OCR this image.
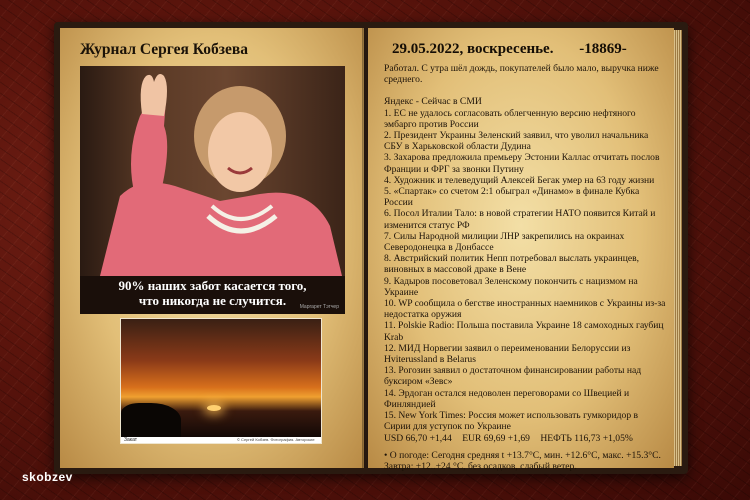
Журнал Сергея Кобзева
90% наших забот касается того,
что никогда не случится.	Маргарет Тэтчер
Закат	© Сергей Кобзев. Фотография. Авторские
29.05.2022, воскресенье. -18869-

Работал. С утра шёл дождь, покупателей было мало, выручка ниже среднего.

Яндекс - Сейчас в СМИ

1. ЕС не удалось согласовать облегченную версию нефтяного эмбарго против России

2. Президент Украины Зеленский заявил, что уволил начальника СБУ в Харьковской области Дудина

3. Захарова предложила премьеру Эстонии Каллас отчитать послов Франции и ФРГ за звонки Путину

4. Художник и телеведущий Алексей Бегак умер на 63 году жизни

5. «Спартак» со счетом 2:1 обыграл «Динамо» в финале Кубка России

6. Посол Италии Тало: в новой стратегии НАТО появится Китай и изменится статус РФ

7. Силы Народной милиции ЛНР закрепились на окраинах Северодонецка в Донбассе

8. Австрийский политик Непп потребовал выслать украинцев, виновных в массовой драке в Вене

9. Кадыров посоветовал Зеленскому покончить с нацизмом на Украине

10. WP сообщила о бегстве иностранных наемников с Украины из-за недостатка оружия

11. Polskie Radio: Польша поставила Украине 18 самоходных гаубиц Krab

12. МИД Норвегии заявил о переименовании Белоруссии из Hviterussland в Belarus

13. Рогозин заявил о достаточном финансировании работы над буксиром «Зевс»

14. Эрдоган остался недоволен переговорами со Швецией и Финляндией

15. New York Times: Россия может использовать гумкоридор в Сирии для уступок по Украине

USD 66,70 +1,44 EUR 69,69 +1,69 НЕФТЬ 116,73 +1,05%

• О погоде: Сегодня средняя t +13.7°C, мин. +12.6°C, макс. +15.3°C. Завтра: +12..+24 °C, без осадков, слабый ветер.

skobzev
